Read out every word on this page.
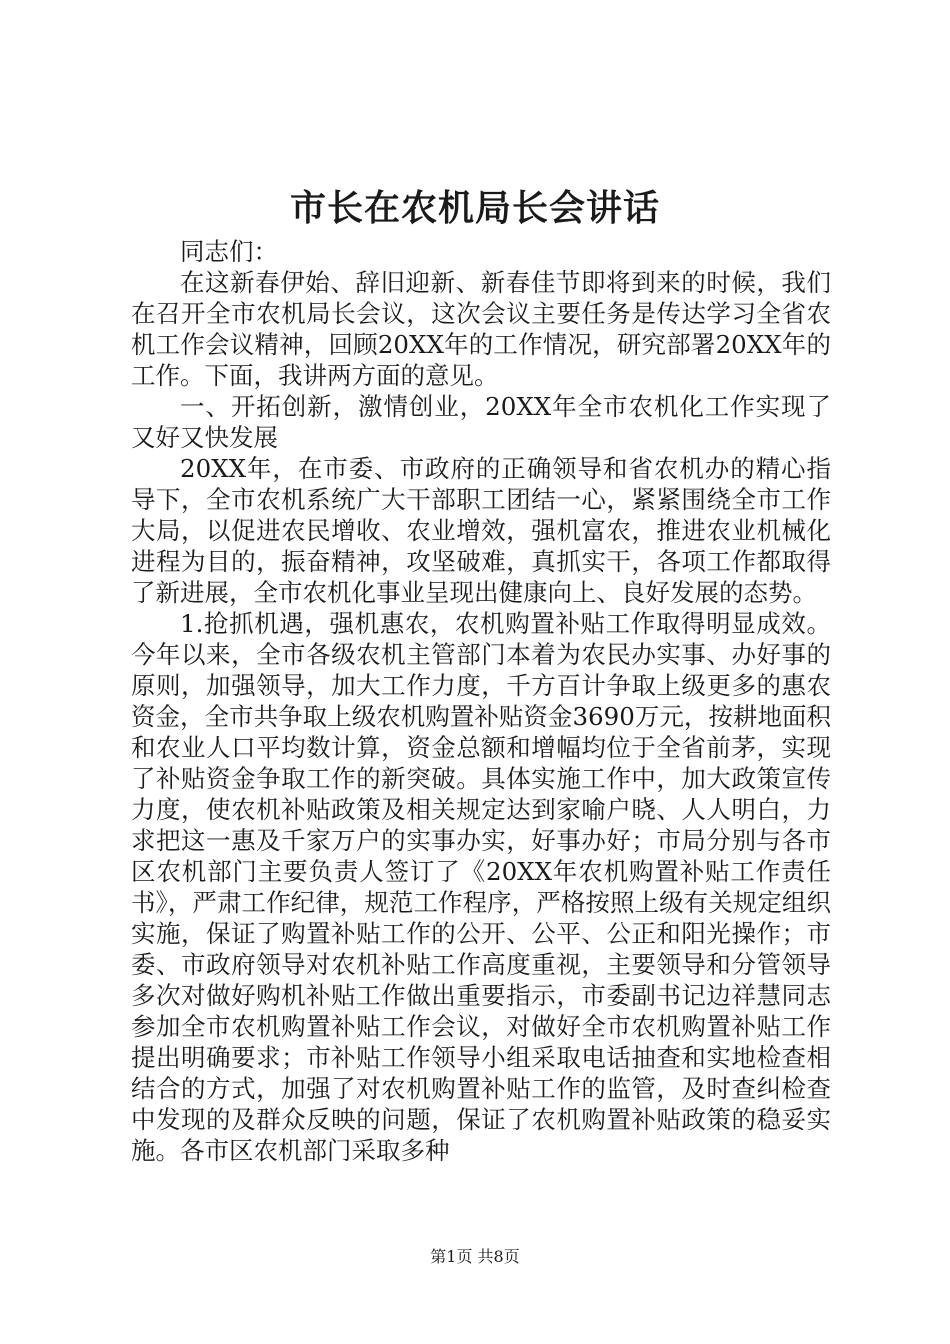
市长在农机局长会讲话

同志们：

在这新春伊始、辞旧迎新、新春佳节即将到来的时候，我们在召开全市农机局长会议，这次会议主要任务是传达学习全省农机工作会议精神，回顾20XX年的工作情况，研究部署20XX年的工作。下面，我讲两方面的意见。

一、开拓创新，激情创业，20XX年全市农机化工作实现了又好又快发展

20XX年，在市委、市政府的正确领导和省农机办的精心指导下，全市农机系统广大干部职工团结一心，紧紧围绕全市工作大局，以促进农民增收、农业增效，强机富农，推进农业机械化进程为目的，振奋精神，攻坚破难，真抓实干，各项工作都取得了新进展，全市农机化事业呈现出健康向上、良好发展的态势。

1.抢抓机遇，强机惠农，农机购置补贴工作取得明显成效。今年以来，全市各级农机主管部门本着为农民办实事、办好事的原则，加强领导，加大工作力度，千方百计争取上级更多的惠农资金，全市共争取上级农机购置补贴资金3690万元，按耕地面积和农业人口平均数计算，资金总额和增幅均位于全省前茅，实现了补贴资金争取工作的新突破。具体实施工作中，加大政策宣传力度，使农机补贴政策及相关规定达到家喻户晓、人人明白，力求把这一惠及千家万户的实事办实，好事办好；市局分别与各市区农机部门主要负责人签订了《20XX年农机购置补贴工作责任书》，严肃工作纪律，规范工作程序，严格按照上级有关规定组织实施，保证了购置补贴工作的公开、公平、公正和阳光操作；市委、市政府领导对农机补贴工作高度重视，主要领导和分管领导多次对做好购机补贴工作做出重要指示，市委副书记边祥慧同志参加全市农机购置补贴工作会议，对做好全市农机购置补贴工作提出明确要求；市补贴工作领导小组采取电话抽查和实地检查相结合的方式，加强了对农机购置补贴工作的监管，及时查纠检查中发现的及群众反映的问题，保证了农机购置补贴政策的稳妥实施。各市区农机部门采取多种

第1页 共8页
